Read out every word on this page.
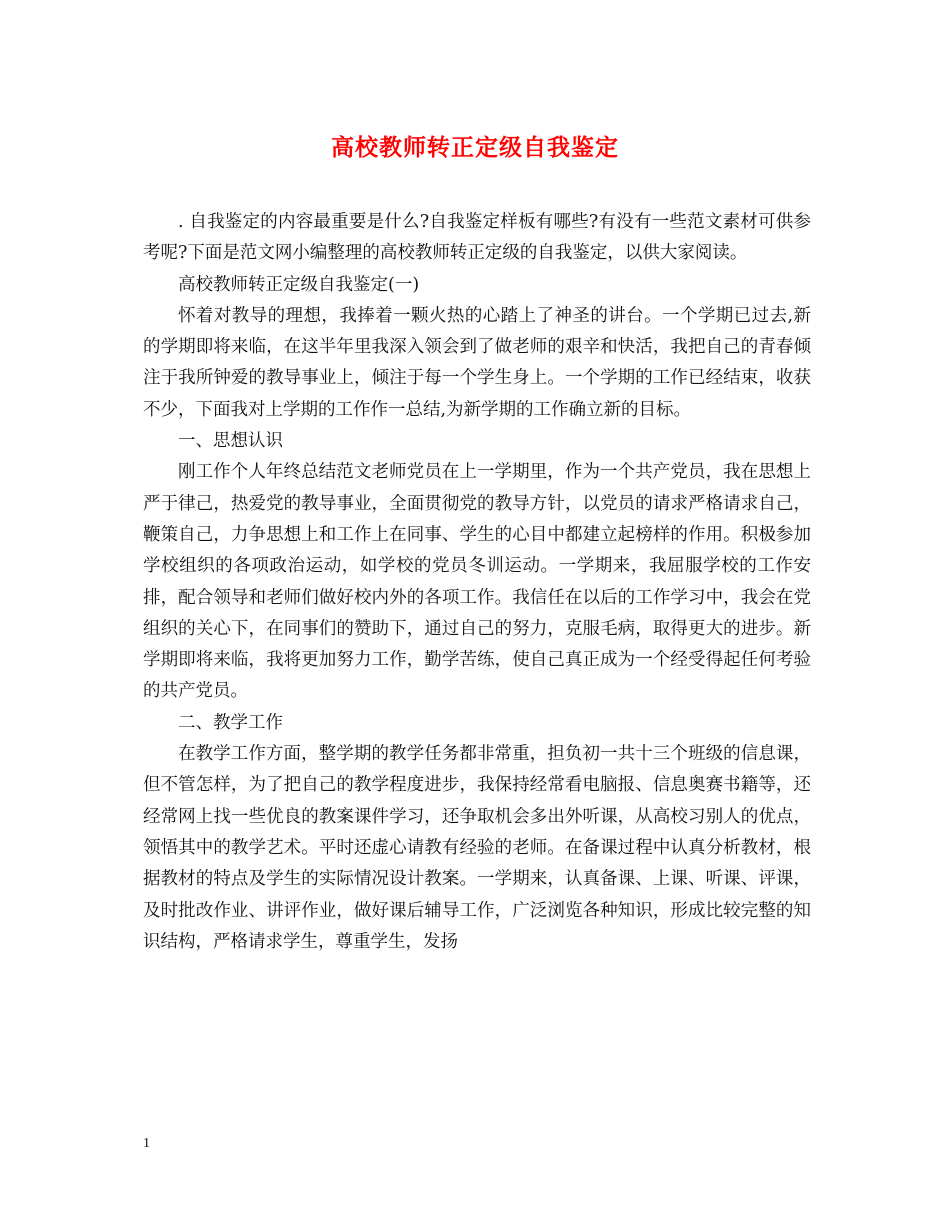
高校教师转正定级自我鉴定

. 自我鉴定的内容最重要是什么?自我鉴定样板有哪些?有没有一些范文素材可供参考呢?下面是范文网小编整理的高校教师转正定级的自我鉴定，以供大家阅读。

高校教师转正定级自我鉴定(一)

怀着对教导的理想，我捧着一颗火热的心踏上了神圣的讲台。一个学期已过去,新的学期即将来临，在这半年里我深入领会到了做老师的艰辛和快活，我把自己的青春倾注于我所钟爱的教导事业上，倾注于每一个学生身上。一个学期的工作已经结束，收获不少，下面我对上学期的工作作一总结,为新学期的工作确立新的目标。

一、思想认识

刚工作个人年终总结范文老师党员在上一学期里，作为一个共产党员，我在思想上严于律己，热爱党的教导事业，全面贯彻党的教导方针，以党员的请求严格请求自己，鞭策自己，力争思想上和工作上在同事、学生的心目中都建立起榜样的作用。积极参加学校组织的各项政治运动，如学校的党员冬训运动。一学期来，我屈服学校的工作安排，配合领导和老师们做好校内外的各项工作。我信任在以后的工作学习中，我会在党组织的关心下，在同事们的赞助下，通过自己的努力，克服毛病，取得更大的进步。新学期即将来临，我将更加努力工作，勤学苦练，使自己真正成为一个经受得起任何考验的共产党员。

二、教学工作

在教学工作方面，整学期的教学任务都非常重，担负初一共十三个班级的信息课，但不管怎样，为了把自己的教学程度进步，我保持经常看电脑报、信息奥赛书籍等，还经常网上找一些优良的教案课件学习，还争取机会多出外听课，从高校习别人的优点，领悟其中的教学艺术。平时还虚心请教有经验的老师。在备课过程中认真分析教材，根据教材的特点及学生的实际情况设计教案。一学期来，认真备课、上课、听课、评课，及时批改作业、讲评作业，做好课后辅导工作，广泛浏览各种知识，形成比较完整的知识结构，严格请求学生，尊重学生，发扬

1
